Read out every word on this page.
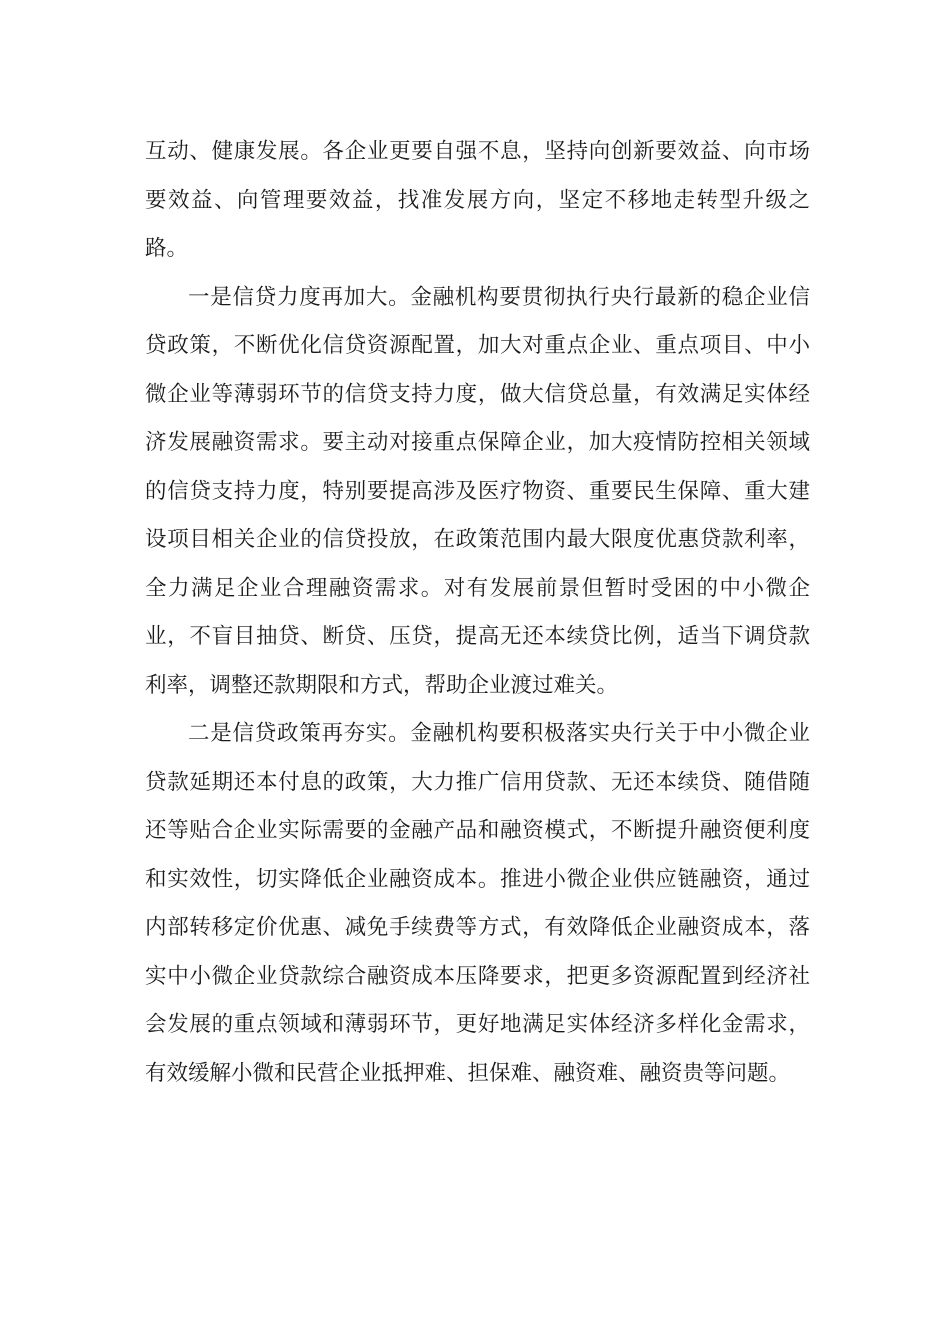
互动、健康发展。各企业更要自强不息，坚持向创新要效益、向市场要效益、向管理要效益，找准发展方向，坚定不移地走转型升级之路。

一是信贷力度再加大。金融机构要贯彻执行央行最新的稳企业信贷政策，不断优化信贷资源配置，加大对重点企业、重点项目、中小微企业等薄弱环节的信贷支持力度，做大信贷总量，有效满足实体经济发展融资需求。要主动对接重点保障企业，加大疫情防控相关领域的信贷支持力度，特别要提高涉及医疗物资、重要民生保障、重大建设项目相关企业的信贷投放，在政策范围内最大限度优惠贷款利率，全力满足企业合理融资需求。对有发展前景但暂时受困的中小微企业，不盲目抽贷、断贷、压贷，提高无还本续贷比例，适当下调贷款利率，调整还款期限和方式，帮助企业渡过难关。

二是信贷政策再夯实。金融机构要积极落实央行关于中小微企业贷款延期还本付息的政策，大力推广信用贷款、无还本续贷、随借随还等贴合企业实际需要的金融产品和融资模式，不断提升融资便利度和实效性，切实降低企业融资成本。推进小微企业供应链融资，通过内部转移定价优惠、减免手续费等方式，有效降低企业融资成本，落实中小微企业贷款综合融资成本压降要求，把更多资源配置到经济社会发展的重点领域和薄弱环节，更好地满足实体经济多样化金需求，有效缓解小微和民营企业抵押难、担保难、融资难、融资贵等问题。
